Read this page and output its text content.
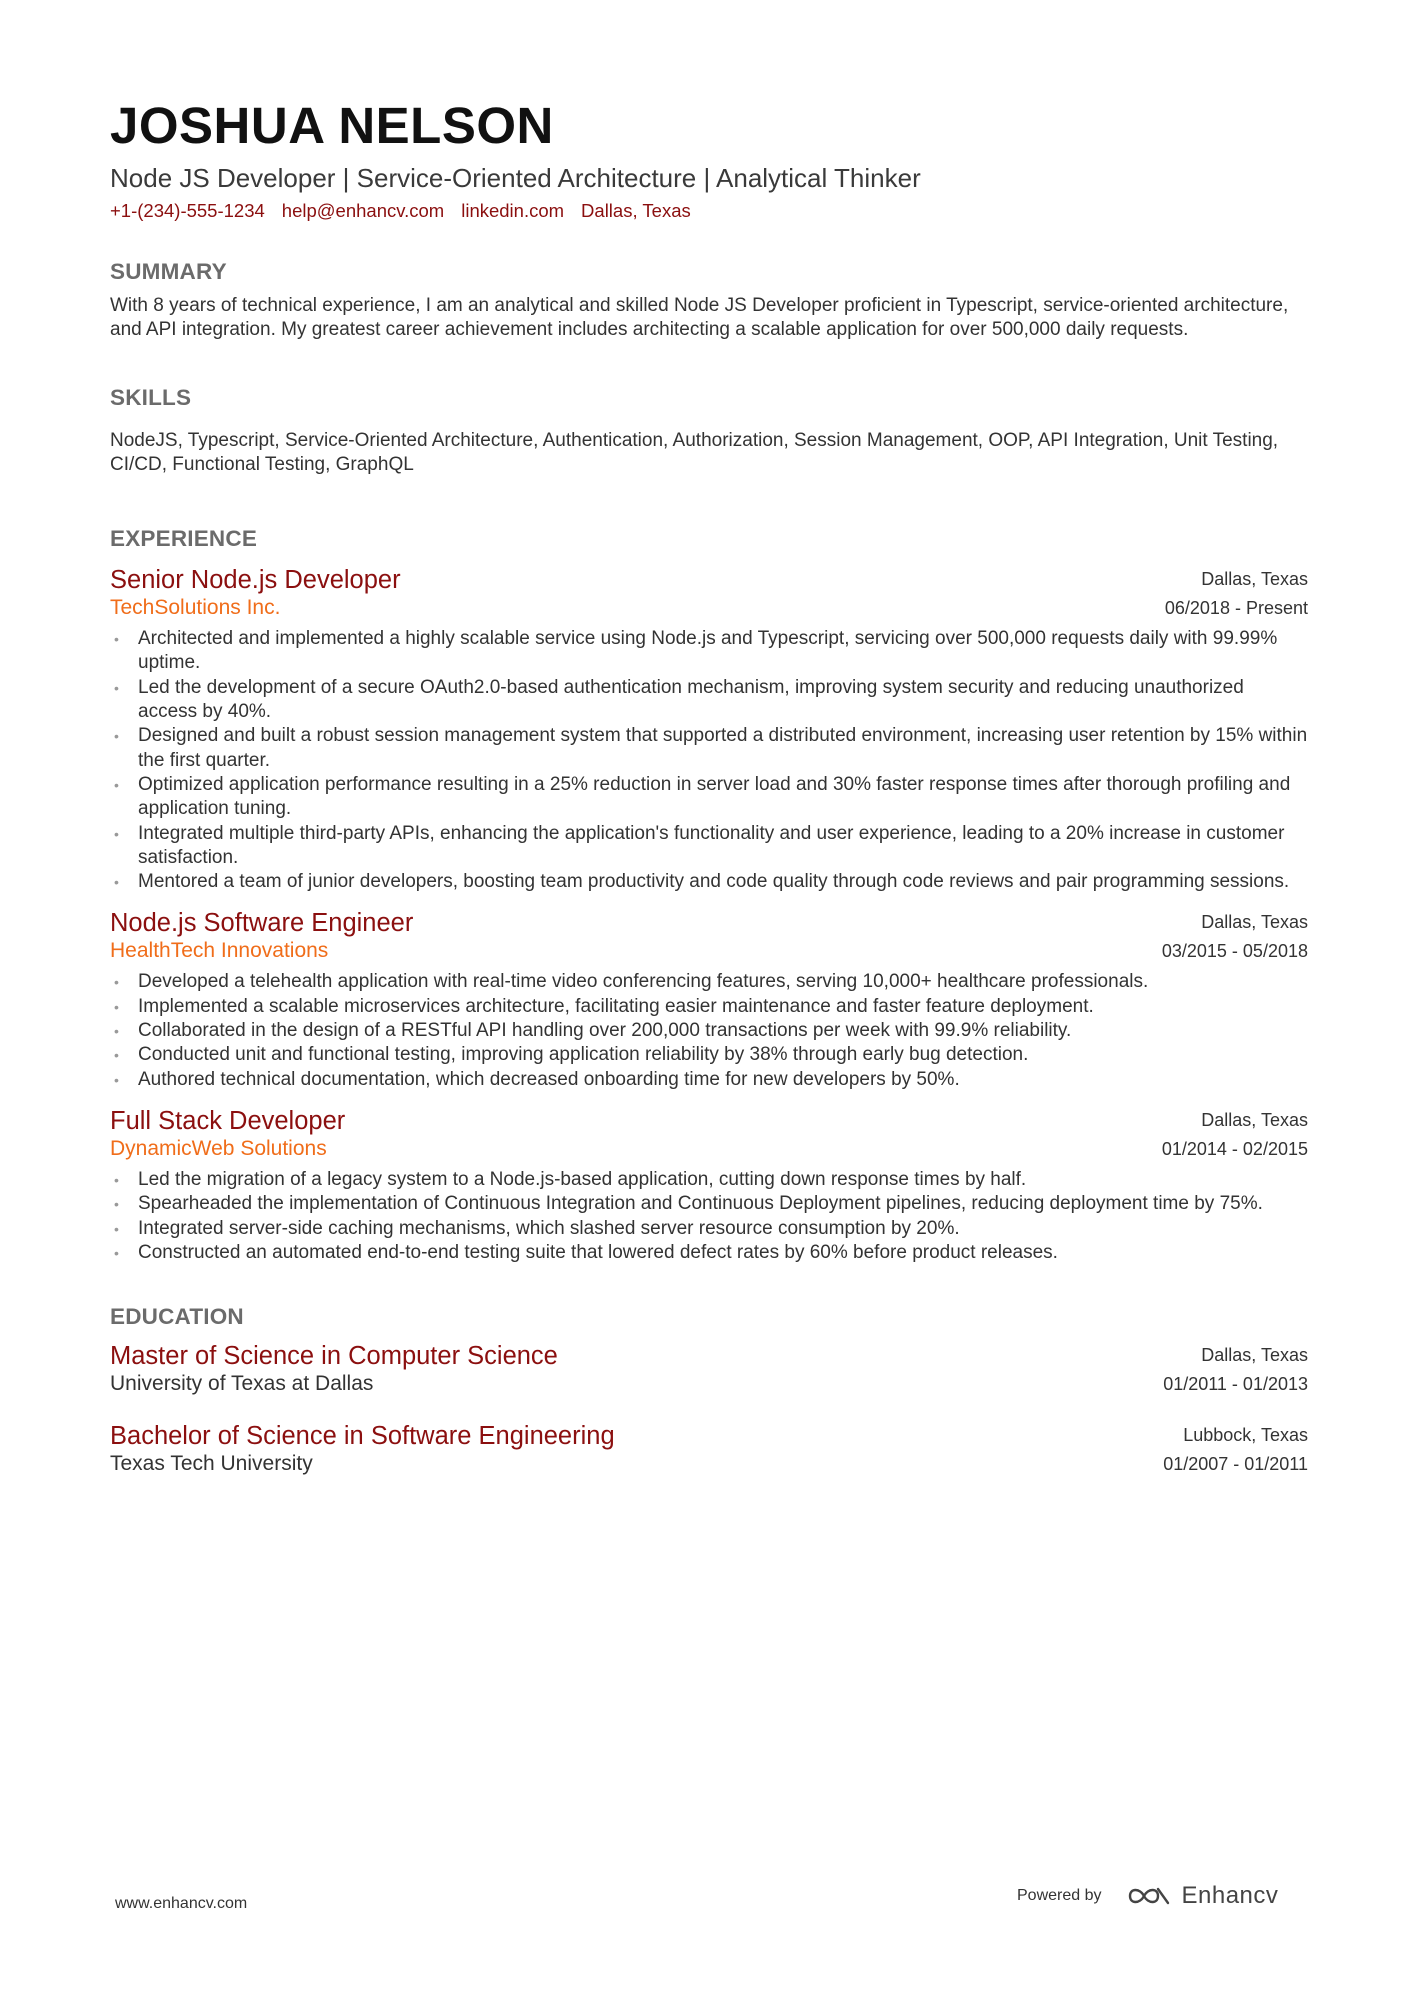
JOSHUA NELSON
Node JS Developer | Service-Oriented Architecture | Analytical Thinker
+1-(234)-555-1234 help@enhancv.com linkedin.com Dallas, Texas
SUMMARY
With 8 years of technical experience, I am an analytical and skilled Node JS Developer proficient in Typescript, service-oriented architecture, and API integration. My greatest career achievement includes architecting a scalable application for over 500,000 daily requests.
SKILLS
NodeJS, Typescript, Service-Oriented Architecture, Authentication, Authorization, Session Management, OOP, API Integration, Unit Testing, CI/CD, Functional Testing, GraphQL
EXPERIENCE
Senior Node.js Developer
TechSolutions Inc.
Dallas, Texas
06/2018 - Present
• Architected and implemented a highly scalable service using Node.js and Typescript, servicing over 500,000 requests daily with 99.99% uptime.
• Led the development of a secure OAuth2.0-based authentication mechanism, improving system security and reducing unauthorized access by 40%.
• Designed and built a robust session management system that supported a distributed environment, increasing user retention by 15% within the first quarter.
• Optimized application performance resulting in a 25% reduction in server load and 30% faster response times after thorough profiling and application tuning.
• Integrated multiple third-party APIs, enhancing the application's functionality and user experience, leading to a 20% increase in customer satisfaction.
• Mentored a team of junior developers, boosting team productivity and code quality through code reviews and pair programming sessions.
Node.js Software Engineer
HealthTech Innovations
Dallas, Texas
03/2015 - 05/2018
• Developed a telehealth application with real-time video conferencing features, serving 10,000+ healthcare professionals.
• Implemented a scalable microservices architecture, facilitating easier maintenance and faster feature deployment.
• Collaborated in the design of a RESTful API handling over 200,000 transactions per week with 99.9% reliability.
• Conducted unit and functional testing, improving application reliability by 38% through early bug detection.
• Authored technical documentation, which decreased onboarding time for new developers by 50%.
Full Stack Developer
DynamicWeb Solutions
Dallas, Texas
01/2014 - 02/2015
• Led the migration of a legacy system to a Node.js-based application, cutting down response times by half.
• Spearheaded the implementation of Continuous Integration and Continuous Deployment pipelines, reducing deployment time by 75%.
• Integrated server-side caching mechanisms, which slashed server resource consumption by 20%.
• Constructed an automated end-to-end testing suite that lowered defect rates by 60% before product releases.
EDUCATION
Master of Science in Computer Science
University of Texas at Dallas
Dallas, Texas
01/2011 - 01/2013
Bachelor of Science in Software Engineering
Texas Tech University
Lubbock, Texas
01/2007 - 01/2011
www.enhancv.com	Powered by	Enhancv
